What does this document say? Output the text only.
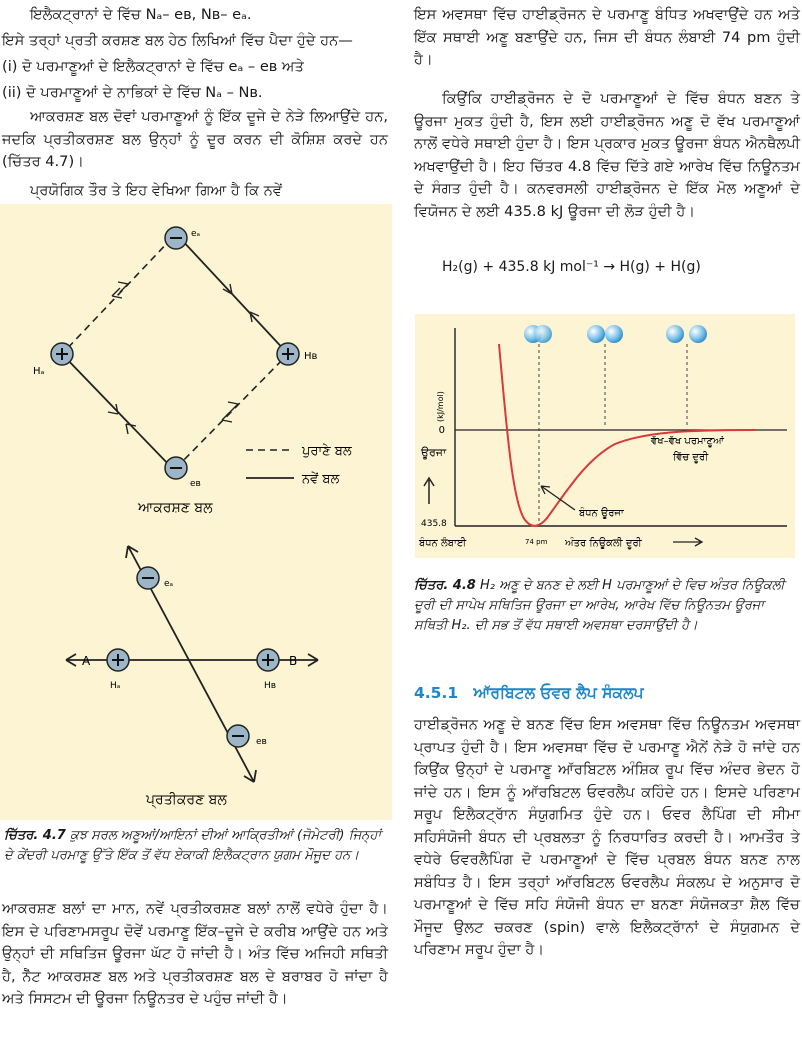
ਇਲੈਕਟ੍ਰਾਨਾਂ ਦੇ ਵਿੱਚ Nₐ– eʙ, Nʙ– eₐ.

ਇਸੇ ਤਰ੍ਹਾਂ ਪ੍ਰਤੀ ਕਰਸ਼ਣ ਬਲ ਹੇਠ ਲਿਖਿਆਂ ਵਿੱਚ ਪੈਦਾ ਹੁੰਦੇ ਹਨ—

(i) ਦੋ ਪਰਮਾਣੂਆਂ ਦੇ ਇਲੈਕਟ੍ਰਾਨਾਂ ਦੇ ਵਿੱਚ eₐ – eʙ ਅਤੇ

(ii) ਦੋ ਪਰਮਾਣੂਆਂ ਦੇ ਨਾਭਿਕਾਂ ਦੇ ਵਿੱਚ Nₐ – Nʙ.

ਆਕਰਸ਼ਣ ਬਲ ਦੋਵਾਂ ਪਰਮਾਣੂਆਂ ਨੂੰ ਇੱਕ ਦੂਜੇ ਦੇ ਨੇੜੇ ਲਿਆਉਂਦੇ ਹਨ, ਜਦਕਿ ਪ੍ਰਤੀਕਰਸ਼ਣ ਬਲ ਉਨ੍ਹਾਂ ਨੂੰ ਦੂਰ ਕਰਨ ਦੀ ਕੋਸ਼ਿਸ਼ ਕਰਦੇ ਹਨ (ਚਿੱਤਰ 4.7)।

ਪ੍ਰਯੋਗਿਕ ਤੌਰ ਤੇ ਇਹ ਵੇਖਿਆ ਗਿਆ ਹੈ ਕਿ ਨਵੇਂ

eₐ
Hₐ
Hʙ
eʙ
ਪੁਰਾਣੇ ਬਲ
ਨਵੇਂ ਬਲ
ਆਕਰਸ਼ਣ ਬਲ
A	B
eₐ
Hₐ	Hʙ
eʙ
ਪ੍ਰਤੀਕਰਣ ਬਲ

ਚਿੱਤਰ. 4.7 ਕੁਝ ਸਰਲ ਅਣੂਆਂ/ਆਇਨਾਂ ਦੀਆਂ ਆਕ੍ਰਿਤੀਆਂ (ਜੋਮੇਟਰੀ) ਜਿਨ੍ਹਾਂ ਦੇ ਕੇਂਦਰੀ ਪਰਮਾਣੂ ਉੱਤੇ ਇੱਕ ਤੋਂ ਵੱਧ ਏਕਾਕੀ ਇਲੈਕਟ੍ਰਾਨ ਯੁਗਮ ਮੌਜੂਦ ਹਨ।

ਆਕਰਸ਼ਣ ਬਲਾਂ ਦਾ ਮਾਨ, ਨਵੇਂ ਪ੍ਰਤੀਕਰਸ਼ਣ ਬਲਾਂ ਨਾਲੋਂ ਵਧੇਰੇ ਹੁੰਦਾ ਹੈ। ਇਸ ਦੇ ਪਰਿਣਾਮਸਰੂਪ ਦੋਵੇਂ ਪਰਮਾਣੂ ਇੱਕ–ਦੂਜੇ ਦੇ ਕਰੀਬ ਆਉਂਦੇ ਹਨ ਅਤੇ ਉਨ੍ਹਾਂ ਦੀ ਸਥਿਤਿਜ ਊਰਜਾ ਘੱਟ ਹੋ ਜਾਂਦੀ ਹੈ। ਅੰਤ ਵਿੱਚ ਅਜਿਹੀ ਸਥਿਤੀ ਹੈ, ਨੈੱਟ ਆਕਰਸ਼ਣ ਬਲ ਅਤੇ ਪ੍ਰਤੀਕਰਸ਼ਣ ਬਲ ਦੇ ਬਰਾਬਰ ਹੋ ਜਾਂਦਾ ਹੈ ਅਤੇ ਸਿਸਟਮ ਦੀ ਊਰਜਾ ਨਿਊਨਤਰ ਦੇ ਪਹੁੰਚ ਜਾਂਦੀ ਹੈ।

ਇਸ ਅਵਸਥਾ ਵਿੱਚ ਹਾਈਡ੍ਰੋਜਨ ਦੇ ਪਰਮਾਣੂ ਬੰਧਿਤ ਅਖਵਾਉਂਦੇ ਹਨ ਅਤੇ ਇੱਕ ਸਥਾਈ ਅਣੂ ਬਣਾਉਂਦੇ ਹਨ, ਜਿਸ ਦੀ ਬੰਧਨ ਲੰਬਾਈ 74 pm ਹੁੰਦੀ ਹੈ।

ਕਿਉਂਕਿ ਹਾਈਡ੍ਰੋਜਨ ਦੇ ਦੋ ਪਰਮਾਣੂਆਂ ਦੇ ਵਿੱਚ ਬੰਧਨ ਬਣਨ ਤੇ ਊਰਜਾ ਮੁਕਤ ਹੁੰਦੀ ਹੈ, ਇਸ ਲਈ ਹਾਈਡ੍ਰੋਜਨ ਅਣੂ ਦੋ ਵੱਖ ਪਰਮਾਣੂਆਂ ਨਾਲੋਂ ਵਧੇਰੇ ਸਥਾਈ ਹੁੰਦਾ ਹੈ। ਇਸ ਪ੍ਰਕਾਰ ਮੁਕਤ ਊਰਜਾ ਬੰਧਨ ਐਨਥੈਲਪੀ ਅਖਵਾਉਂਦੀ ਹੈ। ਇਹ ਚਿੱਤਰ 4.8 ਵਿੱਚ ਦਿੱਤੇ ਗਏ ਆਰੇਖ ਵਿੱਚ ਨਿਊਨਤਮ ਦੇ ਸੰਗਤ ਹੁੰਦੀ ਹੈ। ਕਨਵਰਸਲੀ ਹਾਈਡ੍ਰੋਜਨ ਦੇ ਇੱਕ ਮੋਲ ਅਣੂਆਂ ਦੇ ਵਿਯੋਜਨ ਦੇ ਲਈ 435.8 kJ ਊਰਜਾ ਦੀ ਲੋੜ ਹੁੰਦੀ ਹੈ।

H₂(g) + 435.8 kJ mol⁻¹ → H(g) + H(g)

0
435.8
ਊਰਜਾ
(kJ/mol)
ਬੰਧਨ ਊਰਜਾ
ਵੱਖ–ਵੱਖ ਪਰਮਾਣੂਆਂ
ਵਿੱਚ ਦੂਰੀ
ਬੰਧਨ ਲੰਬਾਈ	74 pm ਅੰਤਰ ਨਿਊਕਲੀ ਦੂਰੀ

ਚਿੱਤਰ. 4.8 H₂ ਅਣੂ ਦੇ ਬਨਣ ਦੇ ਲਈ H ਪਰਮਾਣੂਆਂ ਦੇ ਵਿਚ ਅੰਤਰ ਨਿਊਕਲੀ ਦੂਰੀ ਦੀ ਸਾਪੇਖ ਸਥਿਤਿਜ ਊਰਜਾ ਦਾ ਆਰੇਖ, ਆਰੇਖ ਵਿੱਚ ਨਿਊਨਤਮ ਊਰਜਾ ਸਥਿਤੀ H₂. ਦੀ ਸਭ ਤੋਂ ਵੱਧ ਸਥਾਈ ਅਵਸਥਾ ਦਰਸਾਉਂਦੀ ਹੈ।

4.5.1 ਆੱਰਬਿਟਲ ਓਵਰ ਲੈਪ ਸੰਕਲਪ

ਹਾਈਡ੍ਰੋਜਨ ਅਣੂ ਦੇ ਬਨਣ ਵਿੱਚ ਇਸ ਅਵਸਥਾ ਵਿੱਚ ਨਿਊਨਤਮ ਅਵਸਥਾ ਪ੍ਰਾਪਤ ਹੁੰਦੀ ਹੈ। ਇਸ ਅਵਸਥਾ ਵਿੱਚ ਦੋ ਪਰਮਾਣੂ ਐਨੇਂ ਨੇੜੇ ਹੋ ਜਾਂਦੇ ਹਨ ਕਿਉਂਕ ਉਨ੍ਹਾਂ ਦੇ ਪਰਮਾਣੂ ਆੱਰਬਿਟਲ ਅੰਸ਼ਿਕ ਰੂਪ ਵਿੱਚ ਅੰਦਰ ਭੇਦਨ ਹੋ ਜਾਂਦੇ ਹਨ। ਇਸ ਨੂੰ ਆੱਰਬਿਟਲ ਓਵਰਲੈਪ ਕਹਿੰਦੇ ਹਨ। ਇਸਦੇ ਪਰਿਣਾਮ ਸਰੂਪ ਇਲੈਕਟ੍ਰਾੱਨ ਸੰਯੁਗਮਿਤ ਹੁੰਦੇ ਹਨ। ਓਵਰ ਲੈਪਿੰਗ ਦੀ ਸੀਮਾ ਸਹਿਸੰਯੋਜੀ ਬੰਧਨ ਦੀ ਪ੍ਰਬਲਤਾ ਨੂੰ ਨਿਰਧਾਰਿਤ ਕਰਦੀ ਹੈ। ਆਮਤੌਰ ਤੇ ਵਧੇਰੇ ਓਵਰਲੈਪਿੰਗ ਦੋ ਪਰਮਾਣੂਆਂ ਦੇ ਵਿੱਚ ਪ੍ਰਬਲ ਬੰਧਨ ਬਨਣ ਨਾਲ ਸਬੰਧਿਤ ਹੈ। ਇਸ ਤਰ੍ਹਾਂ ਆੱਰਬਿਟਲ ਓਵਰਲੈਪ ਸੰਕਲਪ ਦੇ ਅਨੁਸਾਰ ਦੋ ਪਰਮਾਣੂਆਂ ਦੇ ਵਿੱਚ ਸਹਿ ਸੰਯੋਜੀ ਬੰਧਨ ਦਾ ਬਨਣਾ ਸੰਯੋਜਕਤਾ ਸ਼ੈਲ ਵਿੱਚ ਮੌਜੂਦ ਉਲਟ ਚਕਰਣ (spin) ਵਾਲੇ ਇਲੈਕਟ੍ਰਾੱਨਾਂ ਦੇ ਸੰਯੁਗਮਨ ਦੇ ਪਰਿਣਾਮ ਸਰੂਪ ਹੁੰਦਾ ਹੈ।
